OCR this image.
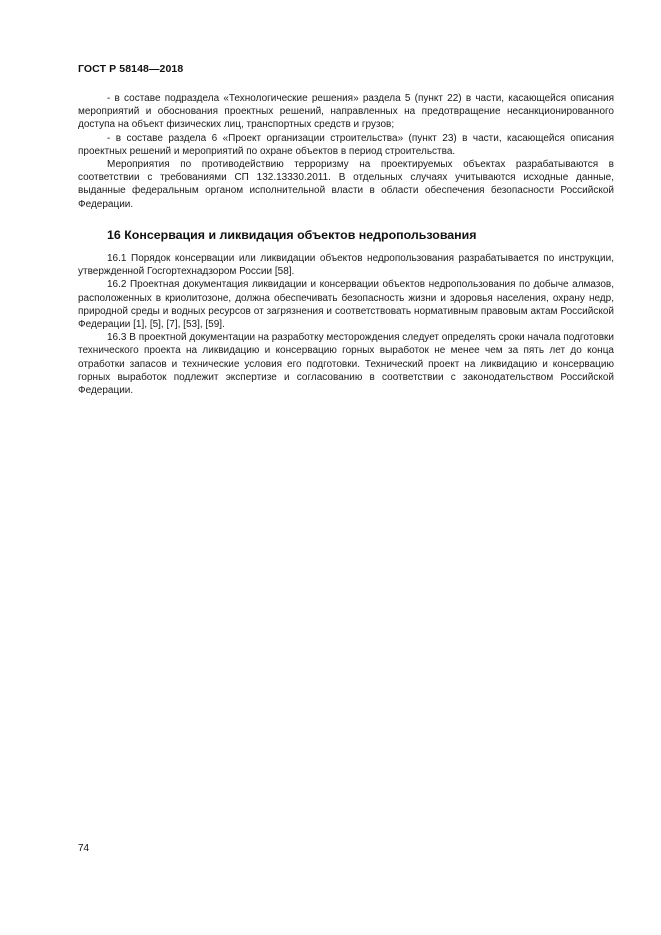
ГОСТ Р 58148—2018

- в составе подраздела «Технологические решения» раздела 5 (пункт 22) в части, касающейся описания мероприятий и обоснования проектных решений, направленных на предотвращение несанкционированного доступа на объект физических лиц, транспортных средств и грузов;

- в составе раздела 6 «Проект организации строительства» (пункт 23) в части, касающейся описания проектных решений и мероприятий по охране объектов в период строительства.

Мероприятия по противодействию терроризму на проектируемых объектах разрабатываются в соответствии с требованиями СП 132.13330.2011. В отдельных случаях учитываются исходные данные, выданные федеральным органом исполнительной власти в области обеспечения безопасности Российской Федерации.

16 Консервация и ликвидация объектов недропользования

16.1 Порядок консервации или ликвидации объектов недропользования разрабатывается по инструкции, утвержденной Госгортехнадзором России [58].

16.2 Проектная документация ликвидации и консервации объектов недропользования по добыче алмазов, расположенных в криолитозоне, должна обеспечивать безопасность жизни и здоровья населения, охрану недр, природной среды и водных ресурсов от загрязнения и соответствовать нормативным правовым актам Российской Федерации [1], [5], [7], [53], [59].

16.3 В проектной документации на разработку месторождения следует определять сроки начала подготовки технического проекта на ликвидацию и консервацию горных выработок не менее чем за пять лет до конца отработки запасов и технические условия его подготовки. Технический проект на ликвидацию и консервацию горных выработок подлежит экспертизе и согласованию в соответствии с законодательством Российской Федерации.

74
